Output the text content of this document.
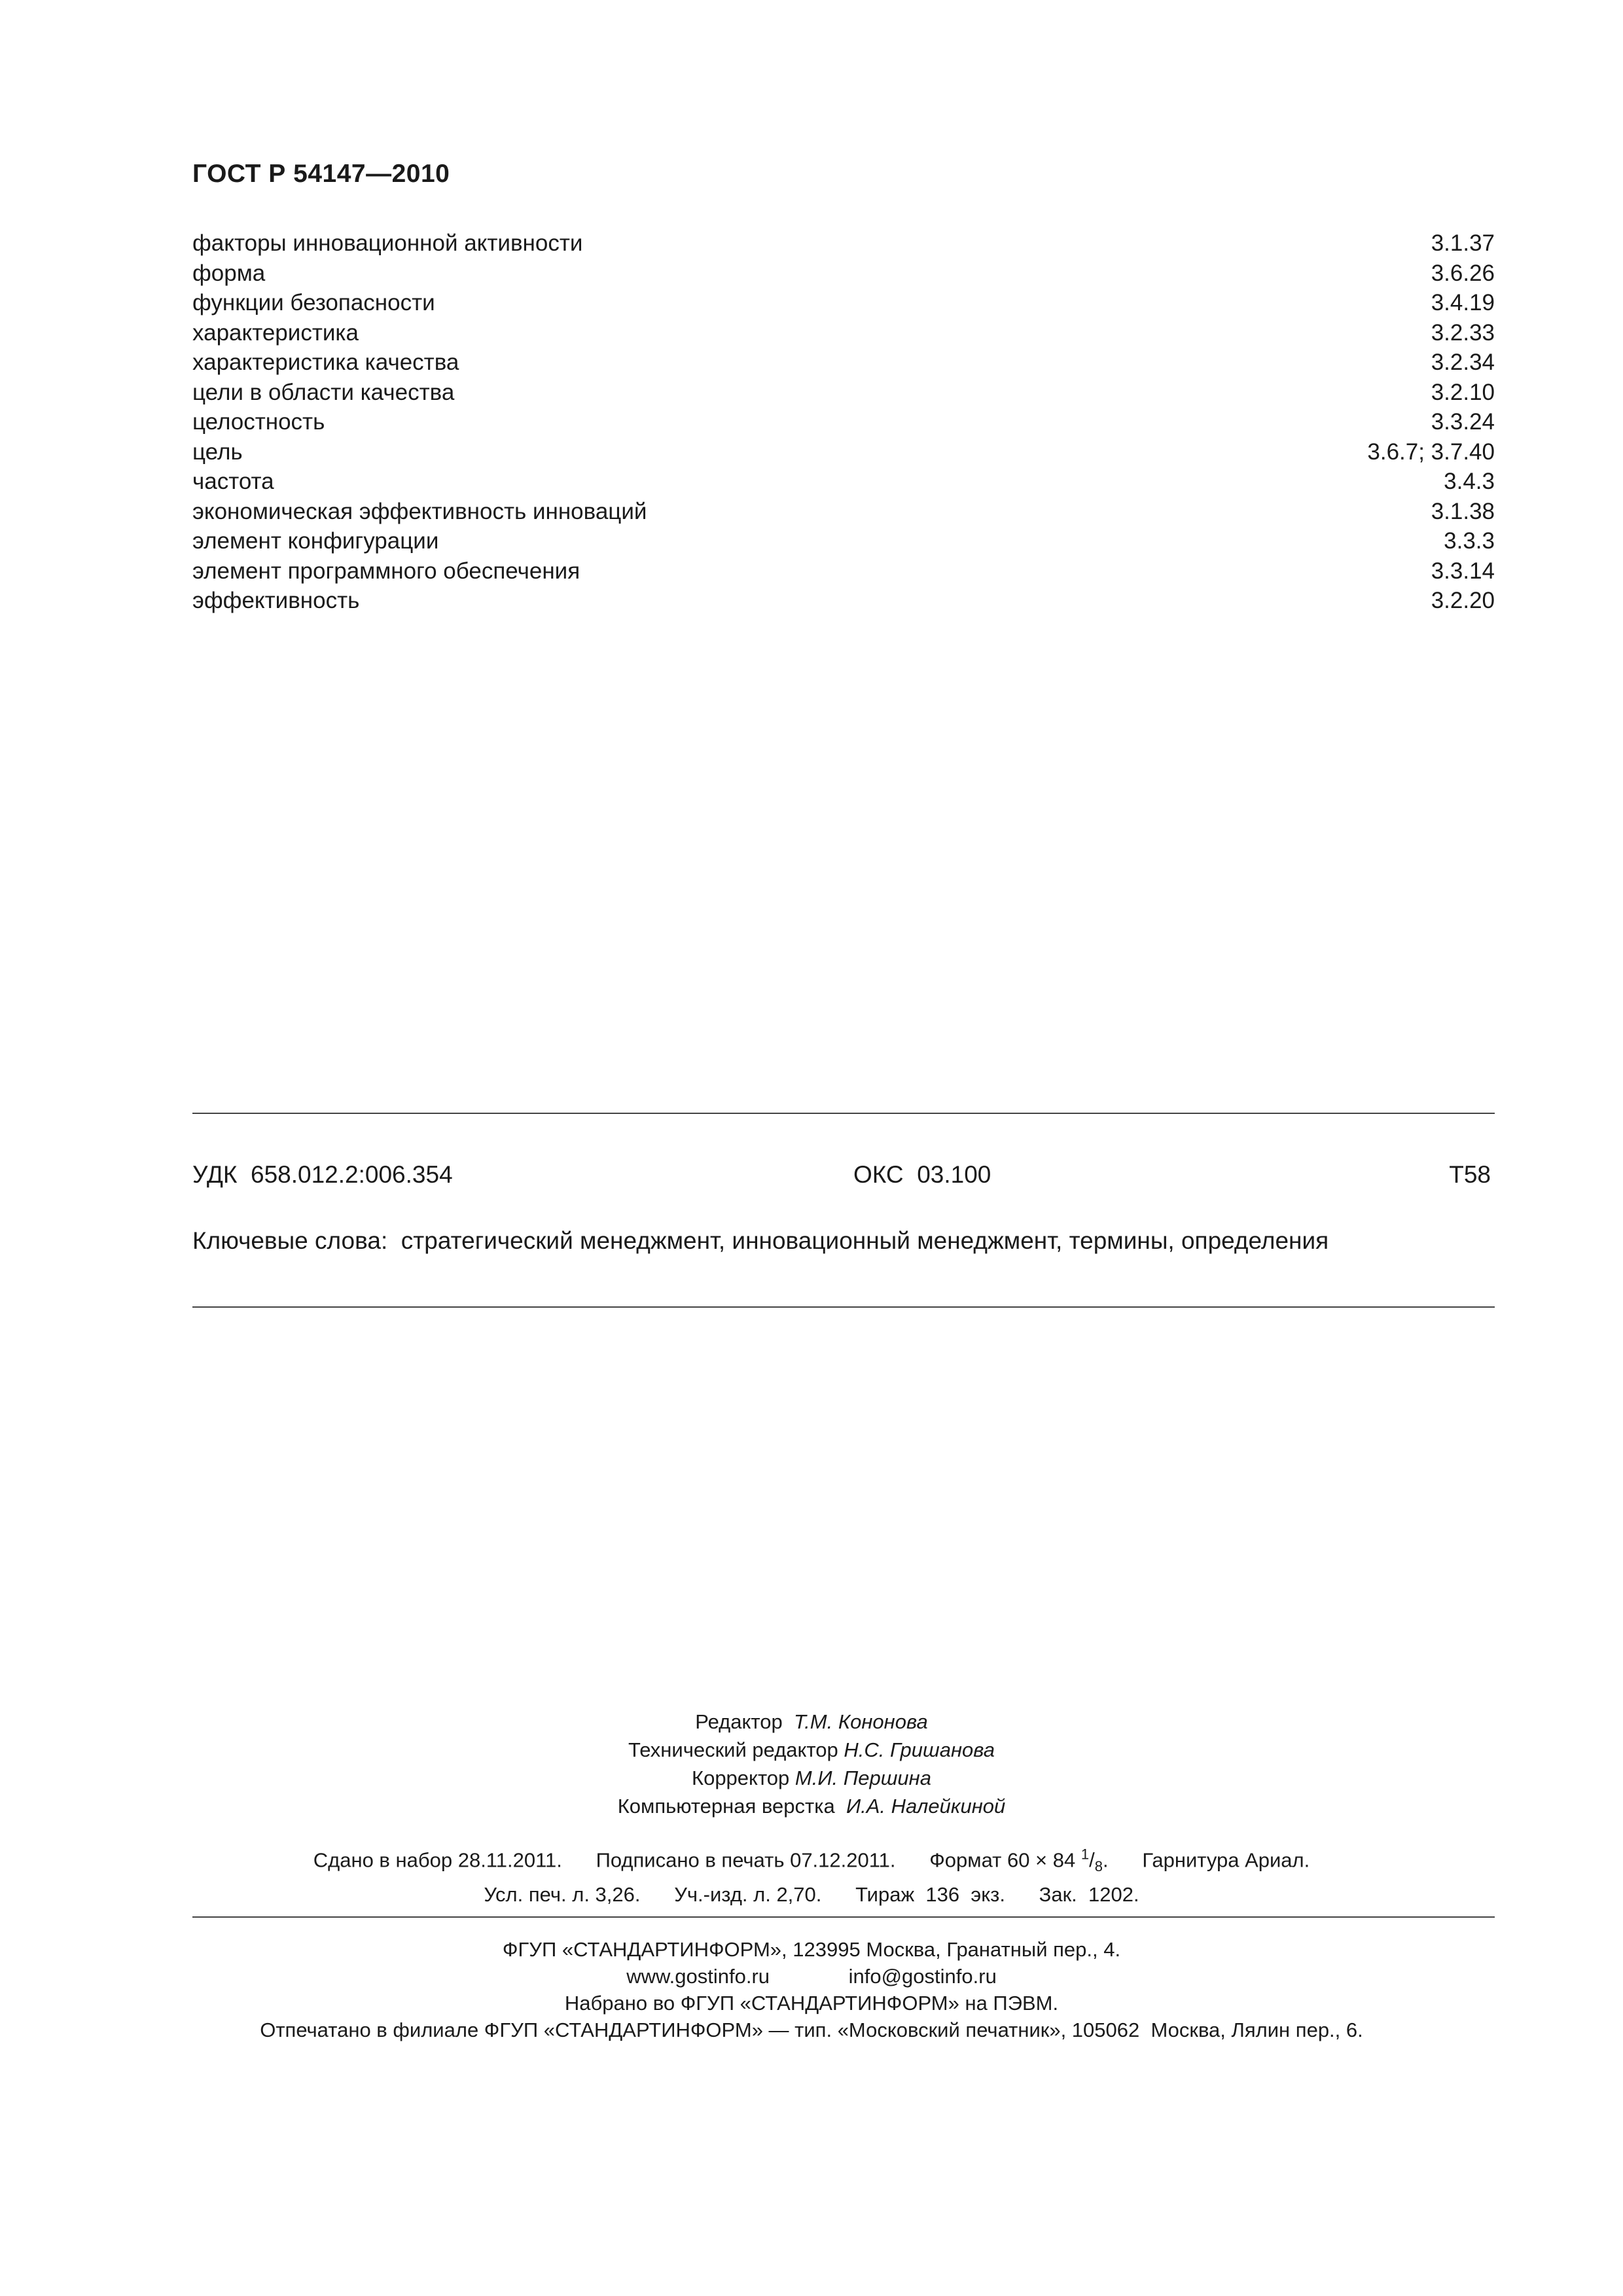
ГОСТ Р 54147—2010
факторы инновационной активности	3.1.37
форма	3.6.26
функции безопасности	3.4.19
характеристика	3.2.33
характеристика качества	3.2.34
цели в области качества	3.2.10
целостность	3.3.24
цель	3.6.7; 3.7.40
частота	3.4.3
экономическая эффективность инноваций	3.1.38
элемент конфигурации	3.3.3
элемент программного обеспечения	3.3.14
эффективность	3.2.20
УДК  658.012.2:006.354	ОКС  03.100	Т58
Ключевые слова: стратегический менеджмент, инновационный менеджмент, термины, определения
Редактор Т.М. Кононова
Технический редактор Н.С. Гришанова
Корректор М.И. Першина
Компьютерная верстка И.А. Налейкиной
Сдано в набор 28.11.2011. Подписано в печать 07.12.2011. Формат 60 × 84 $^1/_8$.      Гарнитура Ариал.
Усл. печ. л. 3,26. Уч.-изд. л. 2,70. Тираж  136  экз. Зак.  1202.
ФГУП «СТАНДАРТИНФОРМ», 123995 Москва, Гранатный пер., 4.
www.gostinfo.ru	info@gostinfo.ru
Набрано во ФГУП «СТАНДАРТИНФОРМ» на ПЭВМ.
Отпечатано в филиале ФГУП «СТАНДАРТИНФОРМ» — тип. «Московский печатник», 105062  Москва, Лялин пер., 6.
